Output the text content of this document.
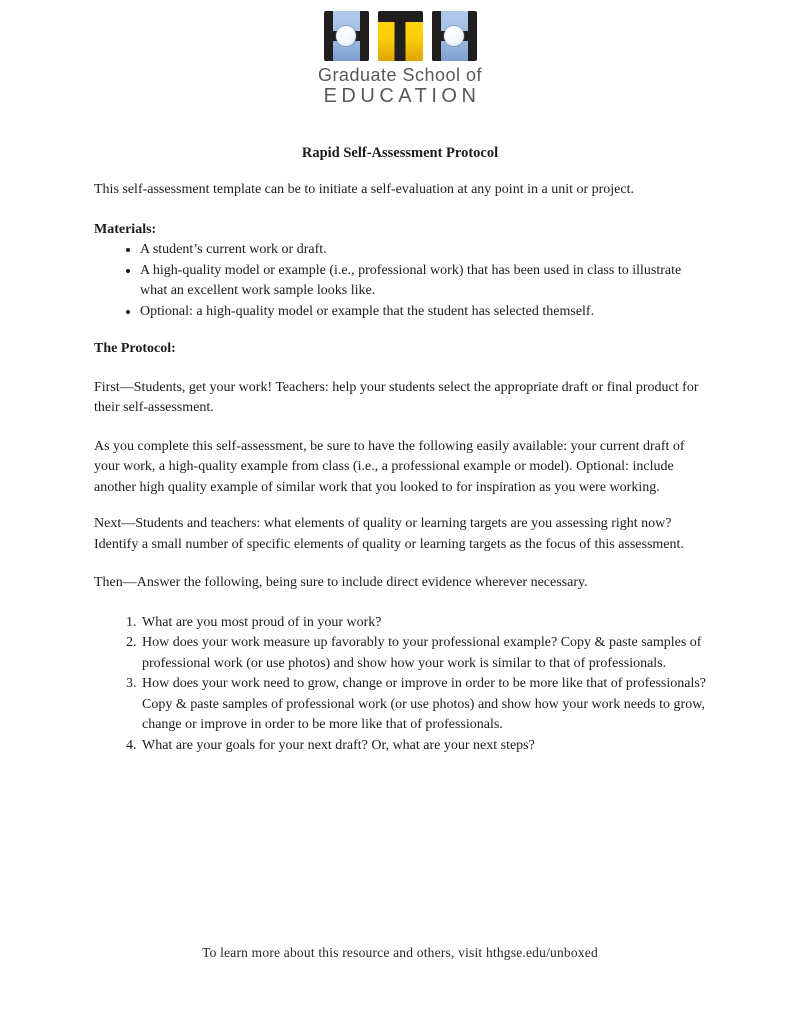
Graduate School of
EDUCATION
Rapid Self-Assessment Protocol

This self-assessment template can be to initiate a self-evaluation at any point in a unit or project.

Materials:

• A student’s current work or draft.
• A high-quality model or example (i.e., professional work) that has been used in class to illustrate what an excellent work sample looks like.
• Optional: a high-quality model or example that the student has selected themself.

The Protocol:

First—Students, get your work! Teachers: help your students select the appropriate draft or final product for their self-assessment.

As you complete this self-assessment, be sure to have the following easily available: your current draft of your work, a high-quality example from class (i.e., a professional example or model). Optional: include another high quality example of similar work that you looked to for inspiration as you were working.

Next—Students and teachers: what elements of quality or learning targets are you assessing right now? Identify a small number of specific elements of quality or learning targets as the focus of this assessment.

Then—Answer the following, being sure to include direct evidence wherever necessary.

1. What are you most proud of in your work?
2. How does your work measure up favorably to your professional example? Copy & paste samples of professional work (or use photos) and show how your work is similar to that of professionals.
3. How does your work need to grow, change or improve in order to be more like that of professionals? Copy & paste samples of professional work (or use photos) and show how your work needs to grow, change or improve in order to be more like that of professionals.
4. What are your goals for your next draft? Or, what are your next steps?
To learn more about this resource and others, visit hthgse.edu/unboxed
